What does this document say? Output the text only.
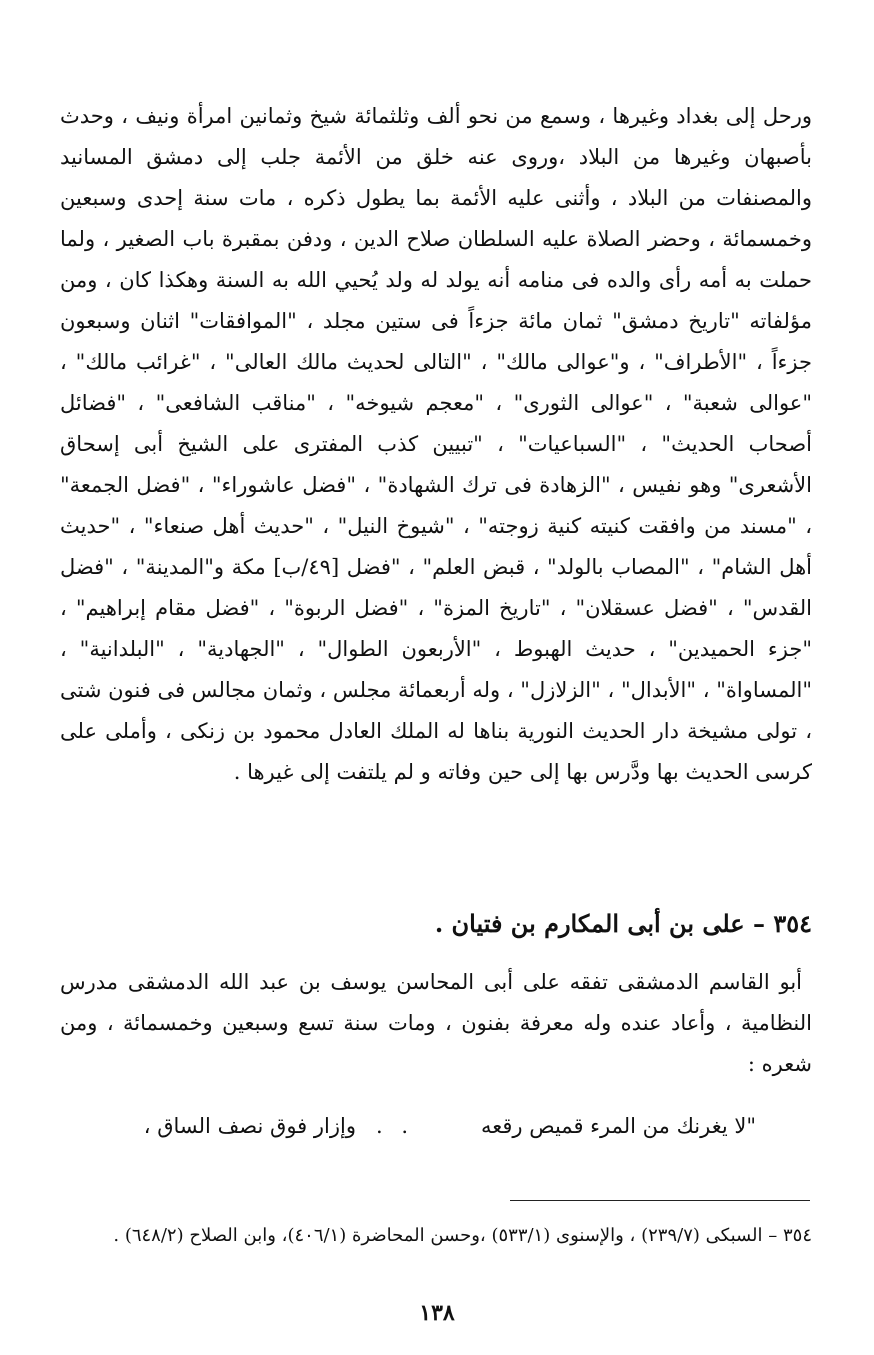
ورحل إلى بغداد وغيرها ، وسمع من نحو ألف وثلثمائة شيخ وثمانين امرأة ونيف ، وحدث بأصبهان وغيرها من البلاد ،وروى عنه خلق من الأئمة جلب إلى دمشق المسانيد والمصنفات من البلاد ، وأثنى عليه الأئمة بما يطول ذكره ، مات سنة إحدى وسبعين وخمسمائة ، وحضر الصلاة عليه السلطان صلاح الدين ، ودفن بمقبرة باب الصغير ، ولما حملت به أمه رأى والده فى منامه أنه يولد له ولد يُحيي الله به السنة وهكذا كان ، ومن مؤلفاته "تاريخ دمشق" ثمان مائة جزءاً فى ستين مجلد ، "الموافقات" اثنان وسبعون جزءاً ، "الأطراف" ، و"عوالى مالك" ، "التالى لحديث مالك العالى" ، "غرائب مالك" ، "عوالى شعبة" ، "عوالى الثورى" ، "معجم شيوخه" ، "مناقب الشافعى" ، "فضائل أصحاب الحديث" ، "السباعيات" ، "تبيين كذب المفترى على الشيخ أبى إسحاق الأشعرى" وهو نفيس ، "الزهادة فى ترك الشهادة" ، "فضل عاشوراء" ، "فضل الجمعة" ، "مسند من وافقت كنيته كنية زوجته" ، "شيوخ النيل" ، "حديث أهل صنعاء" ، "حديث أهل الشام" ، "المصاب بالولد" ، قبض العلم" ، "فضل [٤٩/ب] مكة و"المدينة" ، "فضل القدس" ، "فضل عسقلان" ، "تاريخ المزة" ، "فضل الربوة" ، "فضل مقام إبراهيم" ، "جزء الحميدين" ، حديث الهبوط ، "الأربعون الطوال" ، "الجهادية" ، "البلدانية" ، "المساواة" ، "الأبدال" ، "الزلازل" ، وله أربعمائة مجلس ، وثمان مجالس فى فنون شتى ، تولى مشيخة دار الحديث النورية بناها له الملك العادل محمود بن زنكى ، وأملى على كرسى الحديث بها ودَّرس بها إلى حين وفاته و لم يلتفت إلى غيرها .

٣٥٤ – على بن أبى المكارم بن فتيان .
أبو القاسم الدمشقى تفقه على أبى المحاسن يوسف بن عبد الله الدمشقى مدرس النظامية ، وأعاد عنده وله معرفة بفنون ، ومات سنة تسع وسبعين وخمسمائة ، ومن شعره :
"لا يغرنك من المرء قميص رقعه
. .
وإزار فوق نصف الساق ،
٣٥٤ – السبكى (٢٣٩/٧) ، والإسنوى (٥٣٣/١) ،وحسن المحاضرة (٤٠٦/١)، وابن الصلاح (٦٤٨/٢) .
١٣٨
